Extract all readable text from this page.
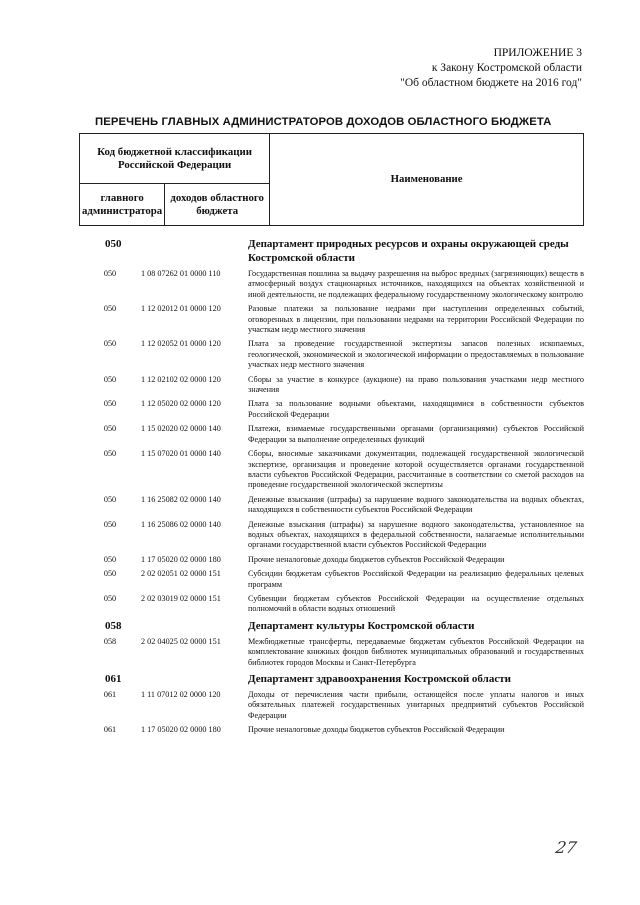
ПРИЛОЖЕНИЕ 3
к Закону Костромской области
"Об областном бюджете на 2016 год"
ПЕРЕЧЕНЬ ГЛАВНЫХ АДМИНИСТРАТОРОВ ДОХОДОВ ОБЛАСТНОГО БЮДЖЕТА
Код бюджетной классификации Российской Федерации		Наименование
главного администратора	доходов областного бюджета	
050	Департамент природных ресурсов и охраны окружающей среды Костромской области
050	1 08 07262 01 0000 110	Государственная пошлина за выдачу разрешения на выброс вредных (загрязняющих) веществ в атмосферный воздух стационарных источников, находящихся на объектах хозяйственной и иной деятельности, не подлежащих федеральному государственному экологическому контролю
050	1 12 02012 01 0000 120	Разовые платежи за пользование недрами при наступлении определенных событий, оговоренных в лицензии, при пользовании недрами на территории Российской Федерации по участкам недр местного значения
050	1 12 02052 01 0000 120	Плата за проведение государственной экспертизы запасов полезных ископаемых, геологической, экономической и экологической информации о предоставляемых в пользование участках недр местного значения
050	1 12 02102 02 0000 120	Сборы за участие в конкурсе (аукционе) на право пользования участками недр местного значения
050	1 12 05020 02 0000 120	Плата за пользование водными объектами, находящимися в собственности субъектов Российской Федерации
050	1 15 02020 02 0000 140	Платежи, взимаемые государственными органами (организациями) субъектов Российской Федерации за выполнение определенных функций
050	1 15 07020 01 0000 140	Сборы, вносимые заказчиками документации, подлежащей государственной экологической экспертизе, организация и проведение которой осуществляется органами государственной власти субъектов Российской Федерации, рассчитанные в соответствии со сметой расходов на проведение государственной экологической экспертизы
050	1 16 25082 02 0000 140	Денежные взыскания (штрафы) за нарушение водного законодательства на водных объектах, находящихся в собственности субъектов Российской Федерации
050	1 16 25086 02 0000 140	Денежные взыскания (штрафы) за нарушение водного законодательства, установленное на водных объектах, находящихся в федеральной собственности, налагаемые исполнительными органами государственной власти субъектов Российской Федерации
050	1 17 05020 02 0000 180	Прочие неналоговые доходы бюджетов субъектов Российской Федерации
050	2 02 02051 02 0000 151	Субсидии бюджетам субъектов Российской Федерации на реализацию федеральных целевых программ
050	2 02 03019 02 0000 151	Субвенции бюджетам субъектов Российской Федерации на осуществление отдельных полномочий в области водных отношений
058	Департамент культуры Костромской области
058	2 02 04025 02 0000 151	Межбюджетные трансферты, передаваемые бюджетам субъектов Российской Федерации на комплектование книжных фондов библиотек муниципальных образований и государственных библиотек городов Москвы и Санкт-Петербурга
061	Департамент здравоохранения Костромской области
061	1 11 07012 02 0000 120	Доходы от перечисления части прибыли, остающейся после уплаты налогов и иных обязательных платежей государственных унитарных предприятий субъектов Российской Федерации
061	1 17 05020 02 0000 180	Прочие неналоговые доходы бюджетов субъектов Российской Федерации
27
